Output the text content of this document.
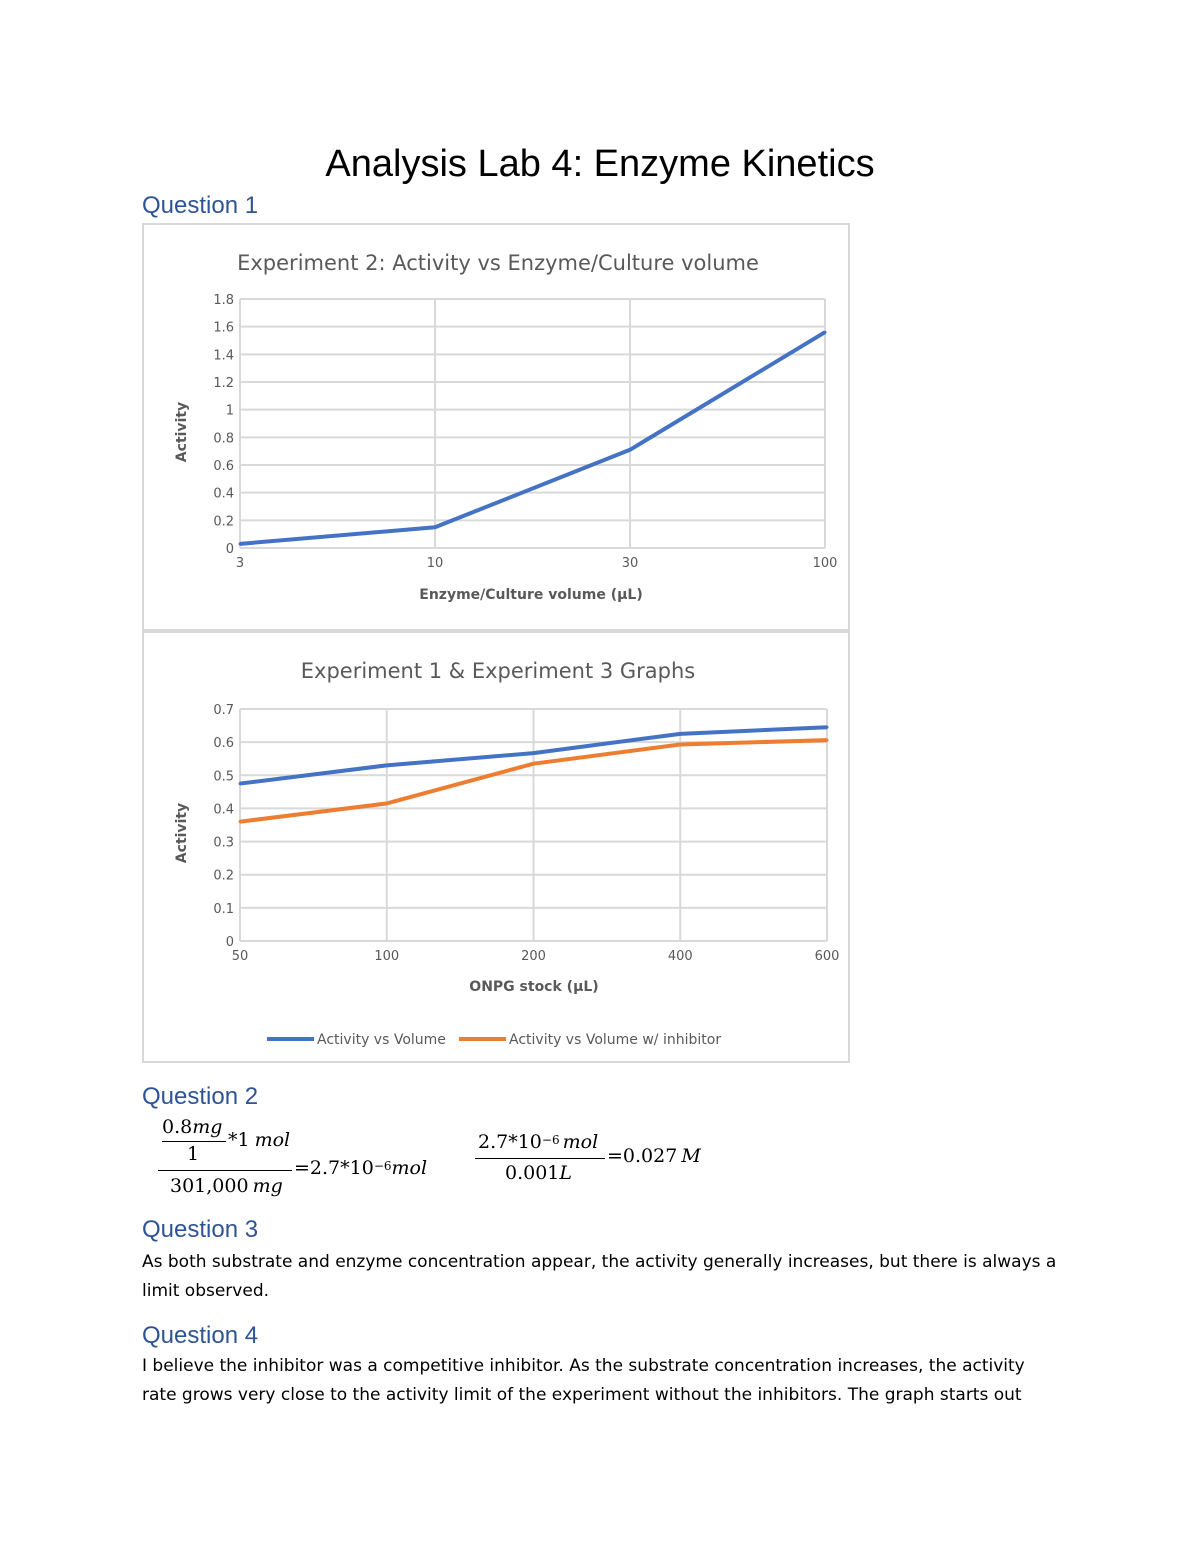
Analysis Lab 4: Enzyme Kinetics
Question 1
Experiment 2: Activity vs Enzyme/Culture volume
Activity
Enzyme/Culture volume (µL)
0
0.2
0.4
0.6
0.8
1
1.2
1.4
1.6
1.8
3	10	30	100
Experiment 1 & Experiment 3 Graphs
Activity
ONPG stock (µL)
0
0.1
0.2
0.3
0.4
0.5
0.6
0.7
50	100	200	400	600
Activity vs Volume	Activity vs Volume w/ inhibitor
Question 2
0.8mg
*1 mol
1
301,000 mg
$=2.7*10^{-6}mol$
$2.7*10^{-6}$ mol
0.001L
=0.027 M
Question 3
As both substrate and enzyme concentration appear, the activity generally increases, but there is always a limit observed.
Question 4
I believe the inhibitor was a competitive inhibitor. As the substrate concentration increases, the activity rate grows very close to the activity limit of the experiment without the inhibitors. The graph starts out
